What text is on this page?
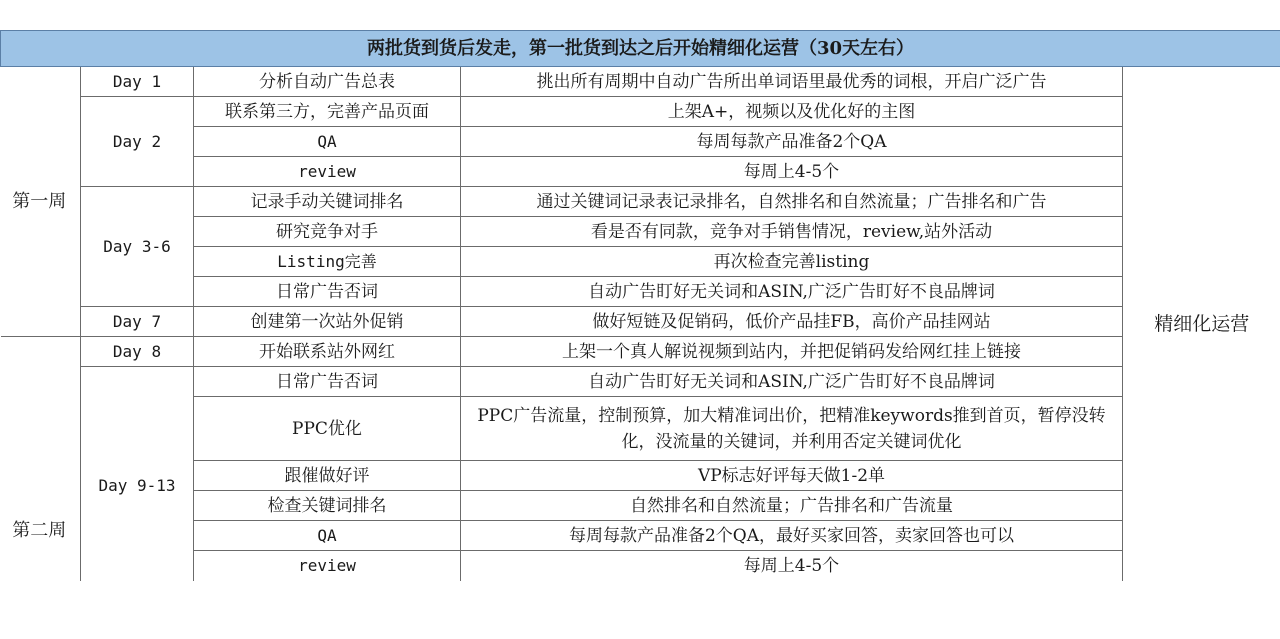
两批货到货后发走，第一批货到达之后开始精细化运营（30天左右）				
第一周	Day 1	分析自动广告总表	挑出所有周期中自动广告所出单词语里最优秀的词根，开启广泛广告	精细化运营
	Day 2	联系第三方，完善产品页面	上架A+，视频以及优化好的主图	
		QA	每周每款产品准备2个QA	
		review	每周上4-5个	
	Day 3-6	记录手动关键词排名	通过关键词记录表记录排名，自然排名和自然流量；广告排名和广告	
		研究竞争对手	看是否有同款，竞争对手销售情况，review,站外活动	
		Listing完善	再次检查完善listing	
		日常广告否词	自动广告盯好无关词和ASIN,广泛广告盯好不良品牌词	
	Day 7	创建第一次站外促销	做好短链及促销码，低价产品挂FB，高价产品挂网站	
第二周	Day 8	开始联系站外网红	上架一个真人解说视频到站内，并把促销码发给网红挂上链接	
	Day 9-13	日常广告否词	自动广告盯好无关词和ASIN,广泛广告盯好不良品牌词	
		PPC优化	PPC广告流量，控制预算，加大精准词出价，把精准keywords推到首页，暂停没转化，没流量的关键词，并利用否定关键词优化	
		跟催做好评	VP标志好评每天做1-2单	
		检查关键词排名	自然排名和自然流量；广告排名和广告流量	
		QA	每周每款产品准备2个QA，最好买家回答，卖家回答也可以	
		review	每周上4-5个	
